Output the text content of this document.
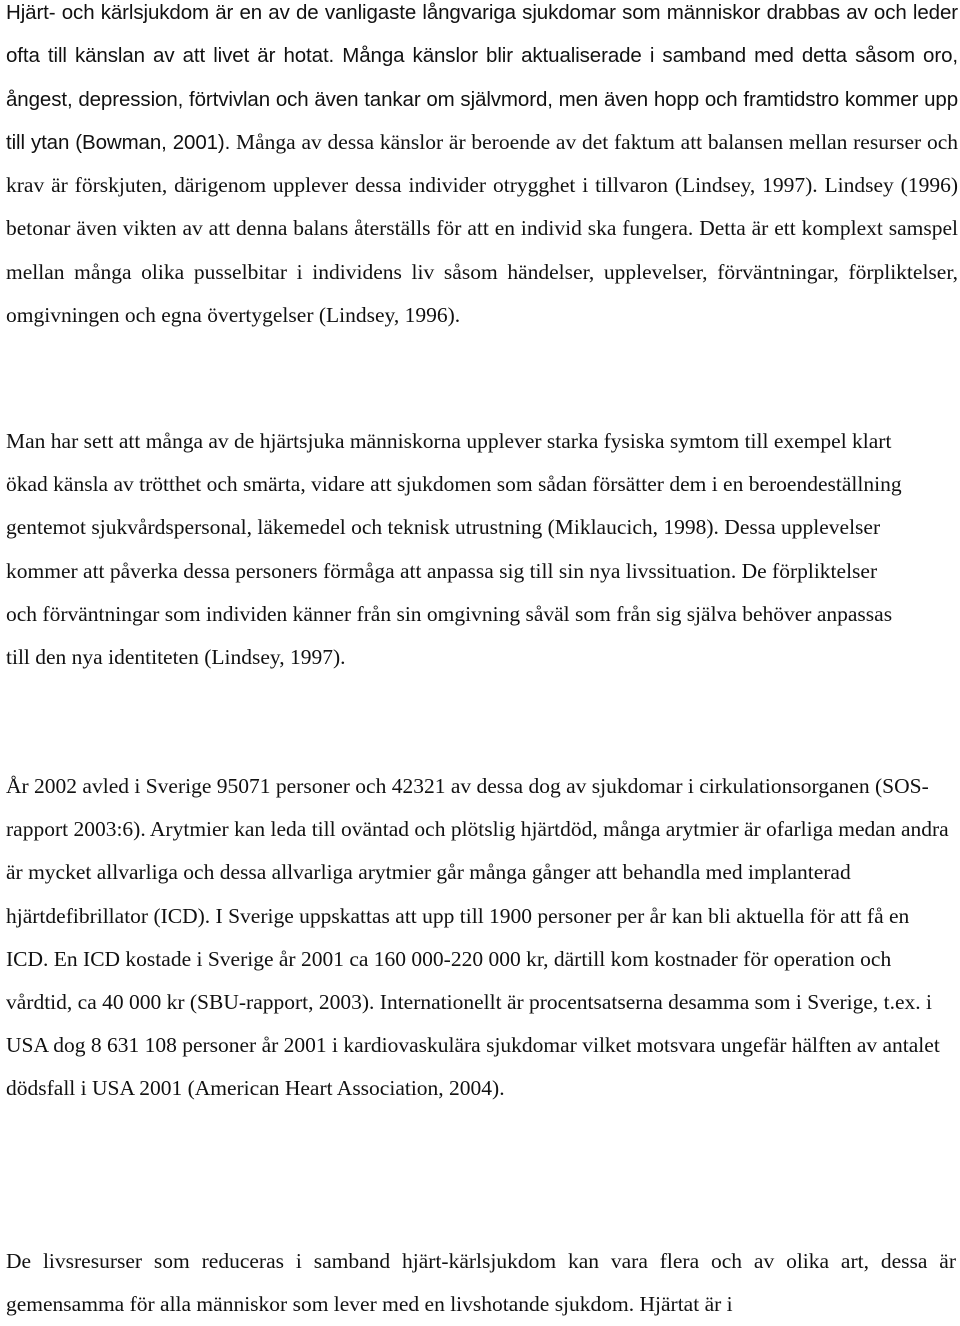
Hjärt- och kärlsjukdom är en av de vanligaste långvariga sjukdomar som människor drabbas av och leder ofta till känslan av att livet är hotat. Många känslor blir aktualiserade i samband med detta såsom oro, ångest, depression, förtvivlan och även tankar om självmord, men även hopp och framtidstro kommer upp till ytan (Bowman, 2001). Många av dessa känslor är beroende av det faktum att balansen mellan resurser och krav är förskjuten, därigenom upplever dessa individer otrygghet i tillvaron (Lindsey, 1997). Lindsey (1996) betonar även vikten av att denna balans återställs för att en individ ska fungera. Detta är ett komplext samspel mellan många olika pusselbitar i individens liv såsom händelser, upplevelser, förväntningar, förpliktelser, omgivningen och egna övertygelser (Lindsey, 1996).

Man har sett att många av de hjärtsjuka människorna upplever starka fysiska symtom till exempel klart ökad känsla av trötthet och smärta, vidare att sjukdomen som sådan försätter dem i en beroendeställning gentemot sjukvårdspersonal, läkemedel och teknisk utrustning (Miklaucich, 1998). Dessa upplevelser kommer att påverka dessa personers förmåga att anpassa sig till sin nya livssituation. De förpliktelser och förväntningar som individen känner från sin omgivning såväl som från sig själva behöver anpassas till den nya identiteten (Lindsey, 1997).

År 2002 avled i Sverige 95071 personer och 42321 av dessa dog av sjukdomar i cirkulationsorganen (SOS-rapport 2003:6). Arytmier kan leda till oväntad och plötslig hjärtdöd, många arytmier är ofarliga medan andra är mycket allvarliga och dessa allvarliga arytmier går många gånger att behandla med implanterad hjärtdefibrillator (ICD). I Sverige uppskattas att upp till 1900 personer per år kan bli aktuella för att få en ICD. En ICD kostade i Sverige år 2001 ca 160 000-220 000 kr, därtill kom kostnader för operation och vårdtid, ca 40 000 kr (SBU-rapport, 2003). Internationellt är procentsatserna desamma som i Sverige, t.ex. i USA dog 8 631 108 personer år 2001 i kardiovaskulära sjukdomar vilket motsvara ungefär hälften av antalet dödsfall i USA 2001 (American Heart Association, 2004).

De livsresurser som reduceras i samband hjärt-kärlsjukdom kan vara flera och av olika art, dessa är gemensamma för alla människor som lever med en livshotande sjukdom. Hjärtat är i
